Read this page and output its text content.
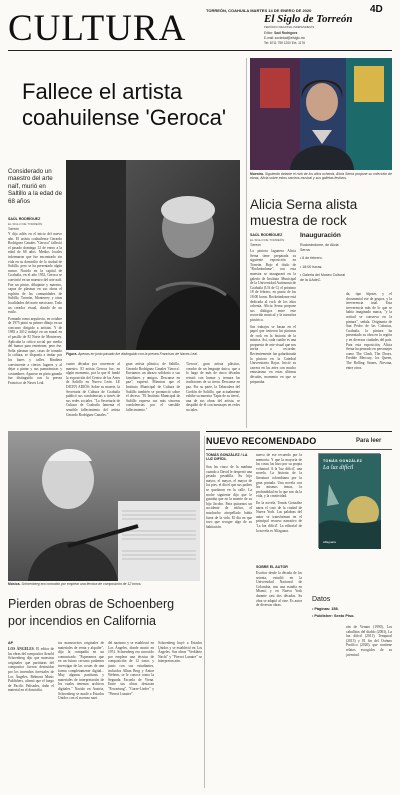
CULTURA	TORREÓN, COAHUILA MARTES 14 DE ENERO DE 2020	4D
El Siglo de Torreón
PERIÓDICO REGIONAL INDEPENDIENTE
Editor: Saúl Rodríguez
E-mail: sociedad@elsiglo.mx
Tel: 8711 759 1200 Ext. 1176
Fallece el artista
coahuilense 'Geroca'
Considerado un maestro del arte naïf, murió en Saltillo a la edad de 68 años
SAÚL RODRÍGUEZ
EL SIGLO DE TORREÓN
Torreón

Y dijo adiós en el inicio del nuevo año. El artista coahuilense Gerardo Rodríguez Canales "Geroca" falleció el pasado domingo 12 de enero a la edad de 68 años. Medios locales informaron que fue encontrado sin vida en su domicilio de la ciudad de Saltillo, pero se ha presentado algún rumor. Nacido en la capital de Coahuila, en el año 1952, Geroca se convirtió en un maestro del arte naïf. Fue un pintor, dibujante y maestro, capaz de plasmar en sus obras el espíritu de las comunidades de Saltillo, Torreón, Monterrey y otras localidades del norte mexicano. Todo un creador visual, dotado de un estilo.

Formado como arquitecto, en octubre de 1975 pintó su primer dibujo en un concurso dirigido a artistas. Y de 1983 a 2012 trabajó en un mural en el pasillo de El Norte de Monterrey. Aplicaba la crítica social por medio del humor para entretener, pero ése. Solía plasmar que, casas de tornado la cultura, se disponía a imitar por los bares y calles. Rindiera convincente a ciertos lugares y al dejar a pintar y sus panorámicas y costumbres. Aparece en pinto ganado fue distinguido con la presea Francisco de Naves Leal.

Figura. Apenas en junio pasado fue distinguido con la presea Francisco de Naves Leal.

cuatro décadas por convencer al maestro. El artista Geroca fue, en algún momento, por la que él fundó la exposición del Centro de las Artes de Saltillo en Nuevo León. LE DICEN ADIÓS: Sobre su muerte, la Secretaría de Cultura de Coahuila publicó sus condolencias a través de sus redes sociales. "La Secretaría de Cultura de Coahuila lamenta el sensible fallecimiento del artista Gerardo Rodríguez Canales."

gran artista plástico, de Saltillo, Gerardo Rodríguez Canales 'Geroca'. Enviamos un abrazo solidario a sus familiares y amigos. Descanse en paz", expresó. Mientras que el Instituto Municipal de Cultura de Saltillo también se pronunció sobre el deceso. "El Instituto Municipal de Saltillo expresa sus más sinceras condolencias por el sensible fallecimiento."

'Geroca', gran artista plástico, creador de un lenguaje único, que a lo largo de más de cinco décadas retrató con humor y ternura las tradiciones de su tierra. Descanse en paz. Por su parte, la Tabacalera del Cordón de Saltillo, que actualmente exhibe su muestra 'Tapiz de su tierra', una de sus obras del artista, se despidió de él con mensajes en redes sociales.

Muestra. Siguiendo delante el rock de los años ochenta, Alicia Serna propone su colección de obras, Alicia sobre estos carrizos musical y sus galletas festivos.
Alicia Serna alista
muestra de rock
SAÚL RODRÍGUEZ
EL SIGLO DE TORREÓN
Torreón

La pintora lagunera Alicia Serna tiene preparada su siguiente exposición en Torreón. Bajo el título de "Rockeándome", con esta muestra se inaugurará en la galería de Instituto Municipal de la Universidad Autónoma de Coahuila (UA de C) el próximo 18 de febrero, en punto de las 18:00 horas. Rockeándome está dedicada al rock de los años ochenta, Alicia Serna propone sus diálogos entre este recorrido musical y la narrativa pictórica.

Sus trabajos se basan en el papel que tuvieron las pinturas de rock en la historia de la música. Así, cada cuadro es una propuesta de arte visual que nos invita a recordar. Recientemente fue galardonada la pintora en la Catedral Universitaria Rojas. Inició su carrera en las artes con mucho entusiasmo en estas últimas décadas, momento en que se preparaba.

Inauguración
Rockeándome, de Alicia Serna
• 6 de febrero.
• 18:00 horas.
• Galería del Museo Cultural de la UAdeC.

da, tipo hípster, y el documental ese de grupos, y la irreverencia total. Esta irreverencia más de lo que se había imaginado nunca, "y la actitud se conserva en la pintura", señala. Originaria de San Pedro de las Colonias, Coahuila, la pintora ha presentado su obra en la región y en diversas ciudades del país. Para esta exposición, Alicia Serna ha pensado en personajes como The Clash, The Doors, Freddie Mercury, los Queen, The Rolling Stones, Nirvana, entre otros.

NUEVO RECOMENDADO	Para leer
TOMÁS GONZÁLEZ / LA LUZ DIFÍCIL

Son las cinco de la mañana cuando a David le despertó una pesada pesadilla. Su hijo mayor, el mayor, el mayor de los pies, el día el que sus padres se quedaron en la calle. La noche siguiente dijo que le gustaba que en la muerte de su hijo Jacobo. Para quitarnos un accidente de tráfico, el muchacho atropellado había fuera de la vida. El día en que tuvo que recoger algo de su habitación.

nuevo de ese recuerdo por la memoria. Y que la mayoría de las cosas las hizo por su propia voluntad. A la 'luz difícil', una novela. La historia de la literatura colombiana por la gran pintada. Una novela con los mismos temas, la profundidad en la que nos da la vida, y la creatividad.

En la novela, Tomás González narra el caso de la ciudad de Nueva York. Las palabras del autor se transforman en el principal recurso narrativo de 'La luz difícil'. La editorial de la novela es Alfaguara.

SOBRE EL AUTOR

Escritor desde la década de los setenta, estudió en la Universidad Nacional de Colombia, tras una estadía en Miami, y en Nueva York durante casi dos décadas. Su obra se adaptó al cine. Es autor de diversas obras.

TOMÁS GONZÁLEZ
La luz difícil
Alfaguara
Datos
• Páginas: 158.
• Publisher: Sexto Piso.

rán de Verano (1990), Los caballitos del diablo (2003), La luz difícil (2011), Temporal (2013) y El fin del Océano Pacífico (2020), que contiene relatos escogidos de su juventud.

Música. Schoenberg era conocido por emplear una técnica de composición de 12 tonos.
Pierden obras de Schoenberg
por incendios en California
AP

LOS ÁNGELES. El editor de las obras del compositor Arnold Schoenberg dijo que muestras originales que partituras del compositor fueron destruidas por los incendios forestales de Los Ángeles. Belmont Music Publishers, afirmó que el fuego de Pacific Palisades, daño el material en el domicilio.

tos manuscritos originales de materiales de venta y alquiler", dijo la compañía en un comunicado. "Esperamos que en un futuro cercano podamos investigar de las costas de una forma completamente digital... Muy algunas partituras y materiales de interpretación de los cuales tenemos archivos digitales." Nacido en Austria, Schoenberg se mudó a Estados Unidos con el ascenso nazi.

del nazismo y se estableció en Los Ángeles, donde murió en 1951. Schoenberg era conocido por emplear una técnica de composición de 12 tonos y junto con sus estudiantes, incluidos Alban Berg y Anton Webern, se le conoce como la Segunda Escuela de Viena. Entre sus obras destacan "Erwartung", "Gurre-Lieder" y "Pierrot Lunaire".

Schoenberg huyó a Estados Unidos y se estableció en Los Ángeles. Sus obras "Verklärte Nacht" y "Pierrot Lunaire" se interpretan aún.
